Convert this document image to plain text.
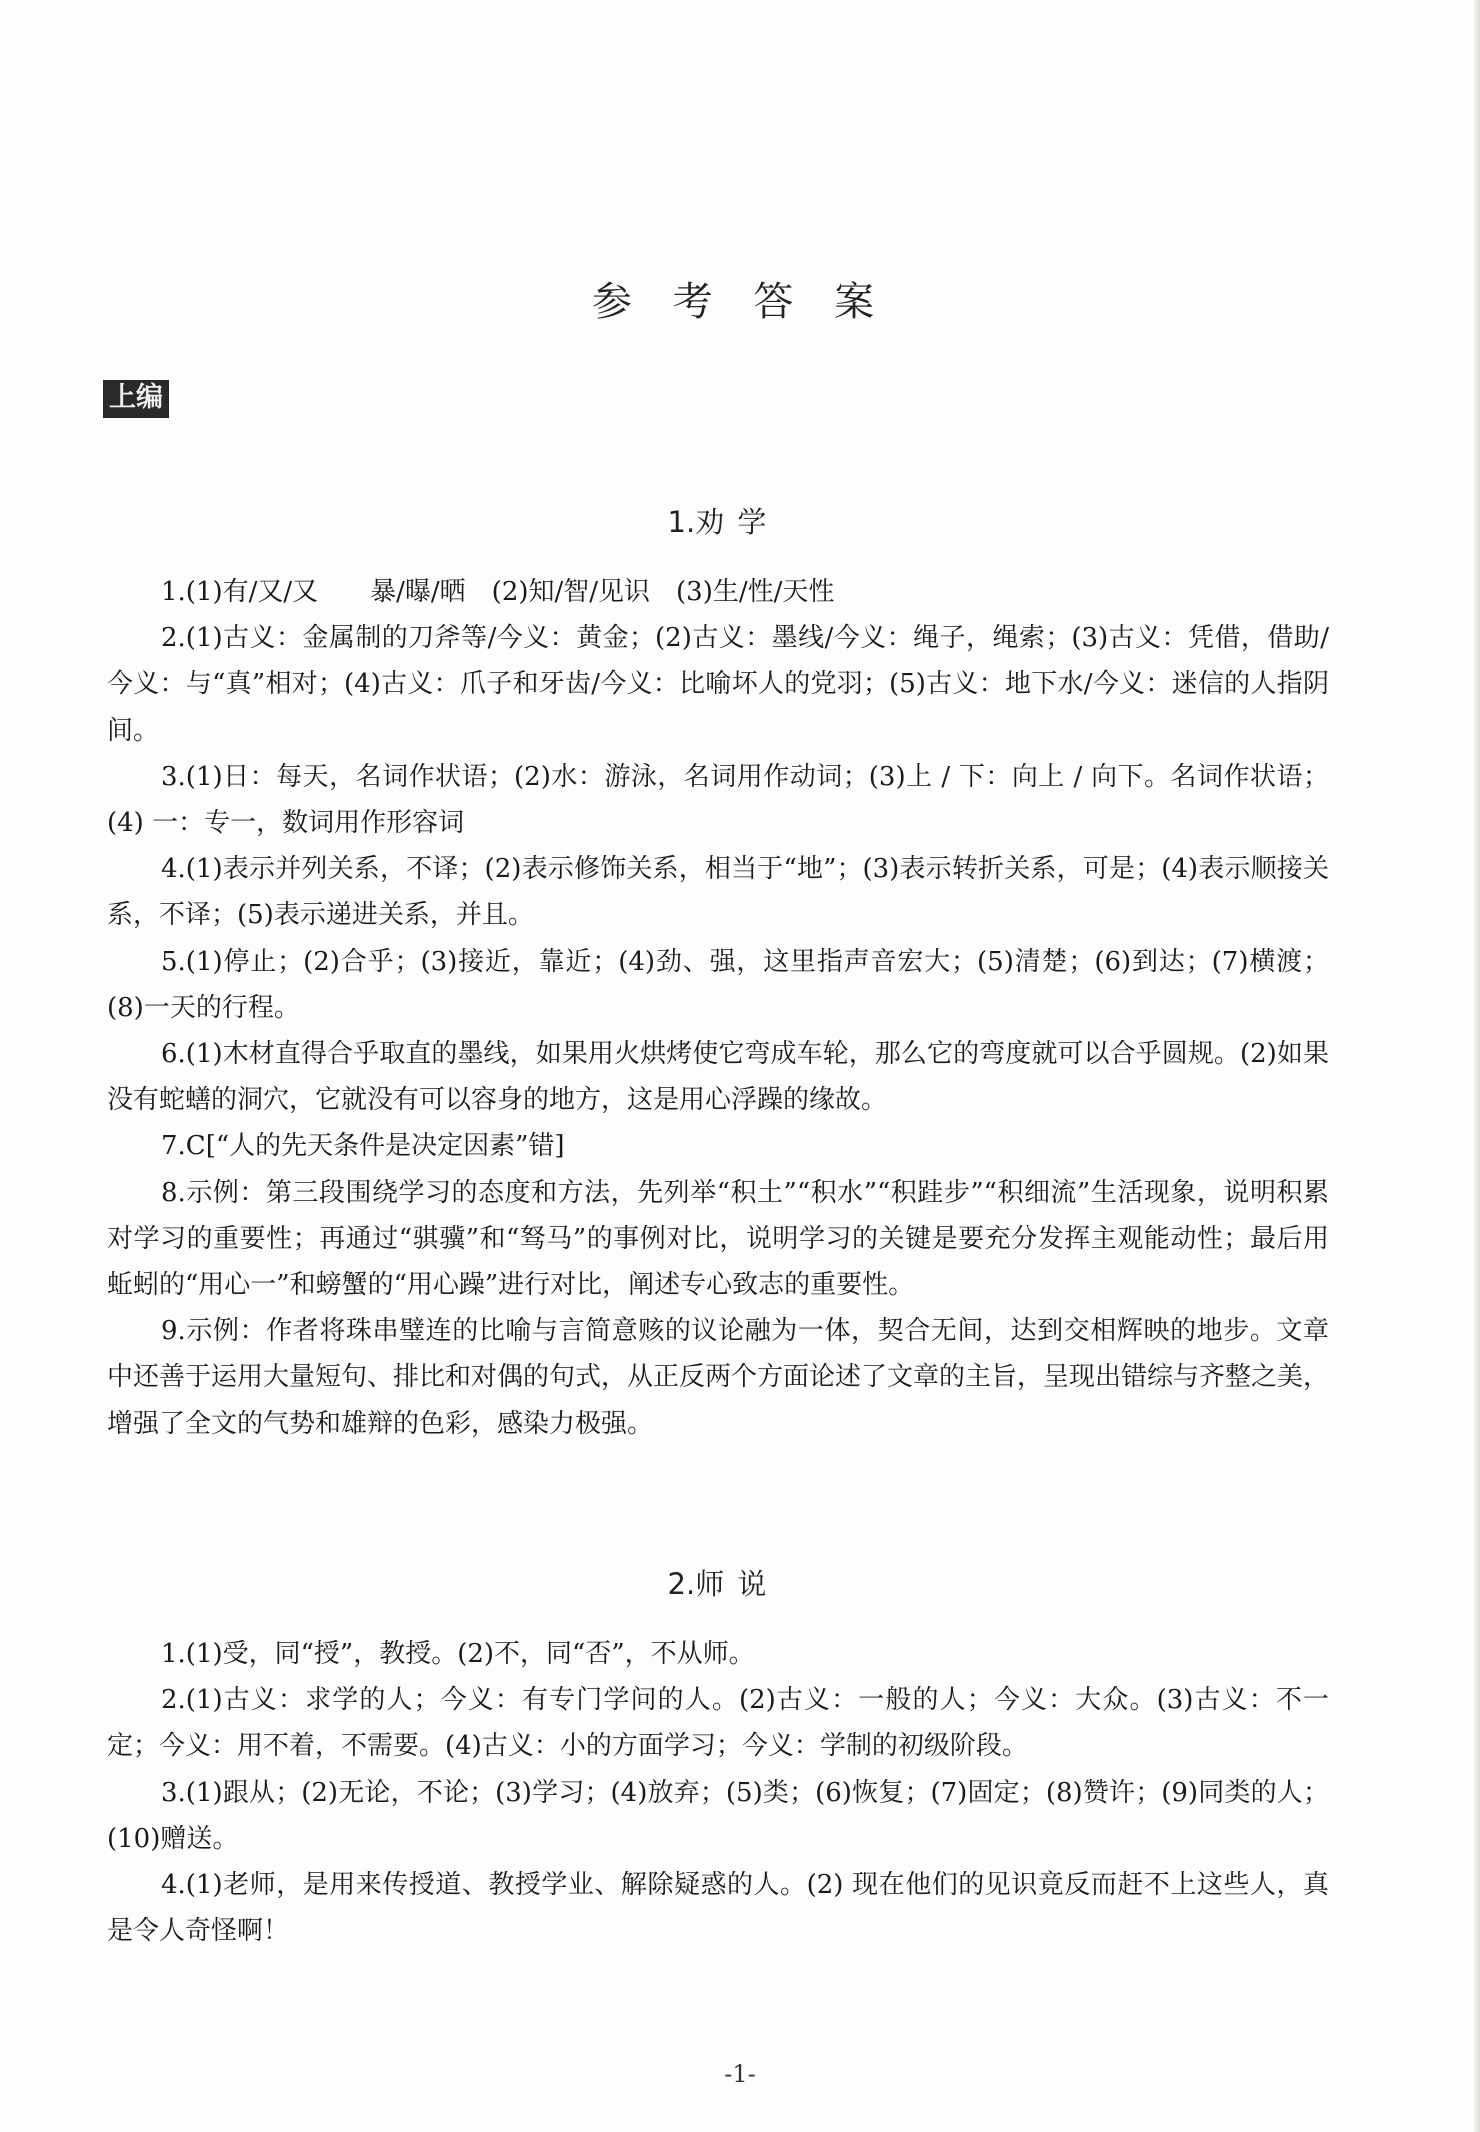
参 考 答 案
上编
1.劝 学

1.(1)有/又/又　　暴/曝/晒　(2)知/智/见识　(3)生/性/天性

2.(1)古义：金属制的刀斧等/今义：黄金；(2)古义：墨线/今义：绳子，绳索；(3)古义：凭借，借助/今义：与“真”相对；(4)古义：爪子和牙齿/今义：比喻坏人的党羽；(5)古义：地下水/今义：迷信的人指阴间。

3.(1)日：每天，名词作状语；(2)水：游泳，名词用作动词；(3)上 / 下：向上 / 向下。名词作状语；(4) 一：专一，数词用作形容词

4.(1)表示并列关系，不译；(2)表示修饰关系，相当于“地”；(3)表示转折关系，可是；(4)表示顺接关系，不译；(5)表示递进关系，并且。

5.(1)停止；(2)合乎；(3)接近，靠近；(4)劲、强，这里指声音宏大；(5)清楚；(6)到达；(7)横渡；(8)一天的行程。

6.(1)木材直得合乎取直的墨线，如果用火烘烤使它弯成车轮，那么它的弯度就可以合乎圆规。(2)如果没有蛇蟮的洞穴，它就没有可以容身的地方，这是用心浮躁的缘故。

7.C[“人的先天条件是决定因素”错]

8.示例：第三段围绕学习的态度和方法，先列举“积土”“积水”“积跬步”“积细流”生活现象，说明积累对学习的重要性；再通过“骐骥”和“驽马”的事例对比，说明学习的关键是要充分发挥主观能动性；最后用蚯蚓的“用心一”和螃蟹的“用心躁”进行对比，阐述专心致志的重要性。

9.示例：作者将珠串璧连的比喻与言简意赅的议论融为一体，契合无间，达到交相辉映的地步。文章中还善于运用大量短句、排比和对偶的句式，从正反两个方面论述了文章的主旨，呈现出错综与齐整之美，增强了全文的气势和雄辩的色彩，感染力极强。

2.师 说

1.(1)受，同“授”，教授。(2)不，同“否”，不从师。

2.(1)古义：求学的人；今义：有专门学问的人。(2)古义：一般的人；今义：大众。(3)古义：不一定；今义：用不着，不需要。(4)古义：小的方面学习；今义：学制的初级阶段。

3.(1)跟从；(2)无论，不论；(3)学习；(4)放弃；(5)类；(6)恢复；(7)固定；(8)赞许；(9)同类的人；(10)赠送。

4.(1)老师，是用来传授道、教授学业、解除疑惑的人。(2) 现在他们的见识竟反而赶不上这些人，真是令人奇怪啊！

-1-
